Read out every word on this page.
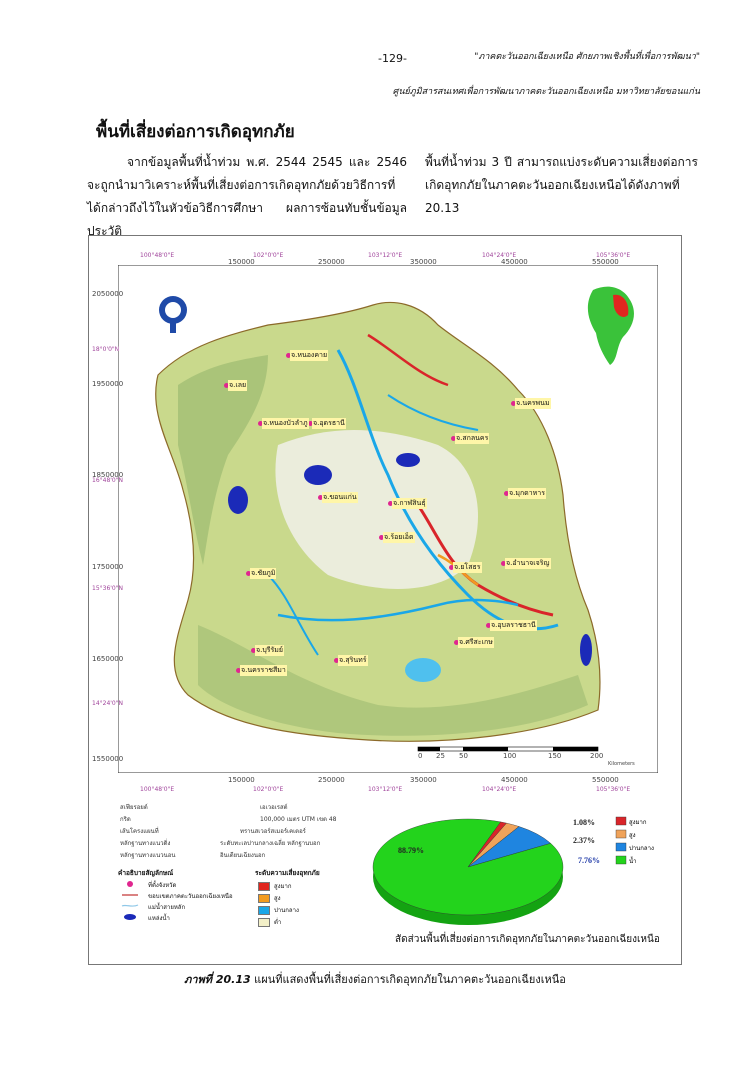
-129-	"ภาคตะวันออกเฉียงเหนือ ศักยภาพเชิงพื้นที่เพื่อการพัฒนา"
ศูนย์ภูมิสารสนเทศเพื่อการพัฒนาภาคตะวันออกเฉียงเหนือ มหาวิทยาลัยขอนแก่น
พื้นที่เสี่ยงต่อการเกิดอุทกภัย
จากข้อมูลพื้นที่น้ำท่วม พ.ศ. 2544 2545 และ 2546 จะถูกนำมาวิเคราะห์พื้นที่เสี่ยงต่อการเกิดอุทกภัยด้วยวิธีการที่ได้กล่าวถึงไว้ในหัวข้อวิธีการศึกษา ผลการซ้อนทับชั้นข้อมูลประวัติ
พื้นที่น้ำท่วม 3 ปี สามารถแบ่งระดับความเสี่ยงต่อการเกิดอุทกภัยในภาคตะวันออกเฉียงเหนือได้ดังภาพที่ 20.13
100°48'0"E	102°0'0"E	103°12'0"E	104°24'0"E	105°36'0"E
150000	250000	350000	450000	550000
2050000
1950000
1850000
1750000
1650000
1550000
18°0'0"N
16°48'0"N
15°36'0"N
14°24'0"N
150000	250000	350000	450000	550000
100°48'0"E	102°0'0"E	103°12'0"E	104°24'0"E	105°36'0"E
0 25 50	100	150	200
Kilometers
จ.หนองคาย
จ.เลย
จ.อุดรธานี
จ.หนองบัวลำภู
จ.สกลนคร
จ.นครพนม
จ.ขอนแก่น
จ.กาฬสินธุ์
จ.มุกดาหาร
จ.ร้อยเอ็ด
จ.ชัยภูมิ
จ.ยโสธร	จ.อำนาจเจริญ
จ.อุบลราชธานี
จ.บุรีรัมย์
จ.นครราชสีมา
จ.ศรีสะเกษ
จ.สุรินทร์
สเฟียรอยด์	เอเวอเรสต์
กริด	100,000 เมตร UTM เขต 48
เส้นโครงแผนที่	ทรานสเวอร์สเมอร์เคเตอร์
หลักฐานทางแนวดิ่ง	ระดับทะเลปานกลางเฉลี่ย หลักฐานบอก
หลักฐานทางแนวนอน	อินเดียนเฉียงนอก
คำอธิบายสัญลักษณ์
ที่ตั้งจังหวัด
ขอบเขตภาคตะวันออกเฉียงเหนือ
แม่น้ำสายหลัก
แหล่งน้ำ
ระดับความเสี่ยงอุทกภัย
สูงมาก
สูง
ปานกลาง
ต่ำ
1.08%
2.37%
7.76%
88.79%
สูงมาก
สูง
ปานกลาง
น้ำ
สัดส่วนพื้นที่เสี่ยงต่อการเกิดอุทกภัยในภาคตะวันออกเฉียงเหนือ
ภาพที่ 20.13 แผนที่แสดงพื้นที่เสี่ยงต่อการเกิดอุทกภัยในภาคตะวันออกเฉียงเหนือ
